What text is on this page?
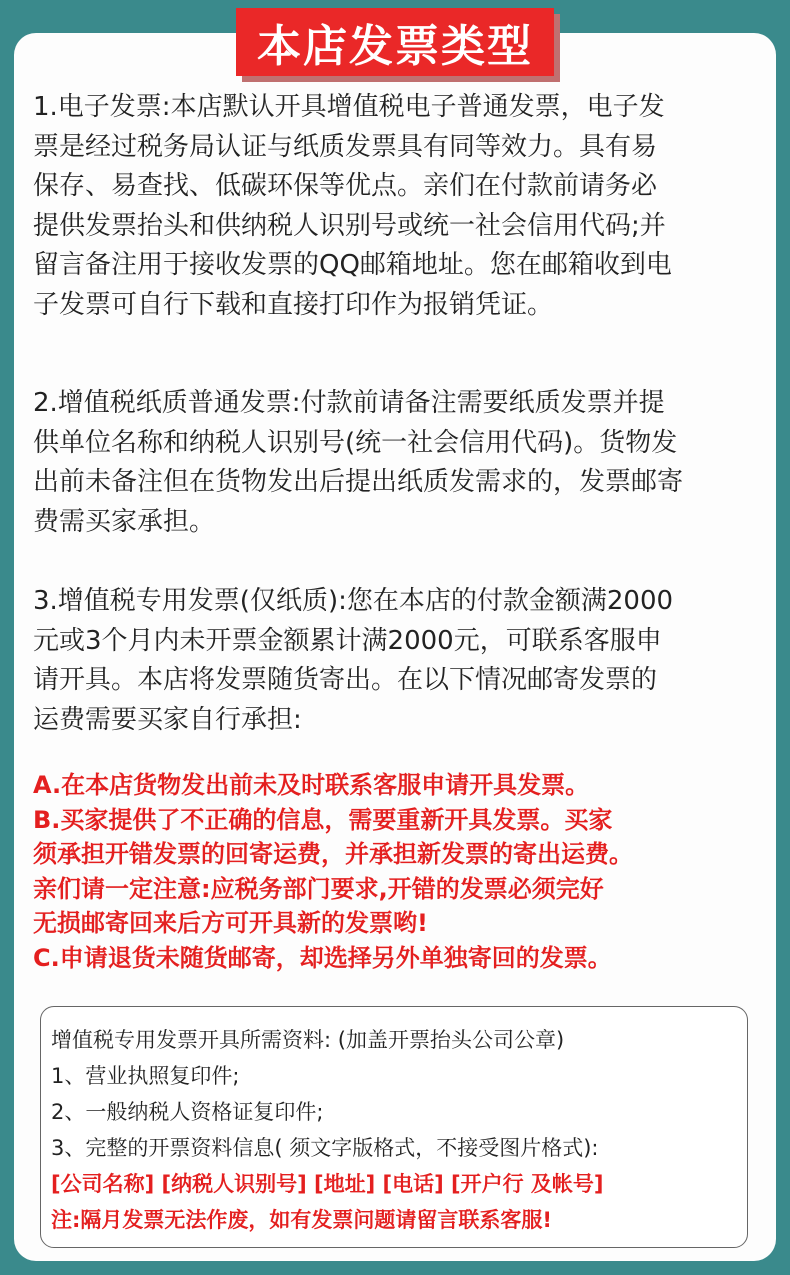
本店发票类型

1.电子发票:本店默认开具增值税电子普通发票，电子发
票是经过税务局认证与纸质发票具有同等效力。具有易
保存、易查找、低碳环保等优点。亲们在付款前请务必
提供发票抬头和供纳税人识别号或统一社会信用代码;并
留言备注用于接收发票的QQ邮箱地址。您在邮箱收到电
子发票可自行下载和直接打印作为报销凭证。

2.增值税纸质普通发票:付款前请备注需要纸质发票并提
供单位名称和纳税人识别号(统一社会信用代码)。货物发
出前未备注但在货物发出后提出纸质发需求的，发票邮寄
费需买家承担。

3.增值税专用发票(仅纸质):您在本店的付款金额满2000
元或3个月内未开票金额累计满2000元，可联系客服申
请开具。本店将发票随货寄出。在以下情况邮寄发票的
运费需要买家自行承担:

A.在本店货物发出前未及时联系客服申请开具发票。
B.买家提供了不正确的信息，需要重新开具发票。买家
须承担开错发票的回寄运费，并承担新发票的寄出运费。
亲们请一定注意:应税务部门要求,开错的发票必须完好
无损邮寄回来后方可开具新的发票哟!
C.申请退货未随货邮寄，却选择另外单独寄回的发票。

增值税专用发票开具所需资料: (加盖开票抬头公司公章)
1、营业执照复印件;
2、一般纳税人资格证复印件;
3、完整的开票资料信息( 须文字版格式，不接受图片格式):
[公司名称] [纳税人识别号] [地址] [电话] [开户行 及帐号]
注:隔月发票无法作废，如有发票问题请留言联系客服!
